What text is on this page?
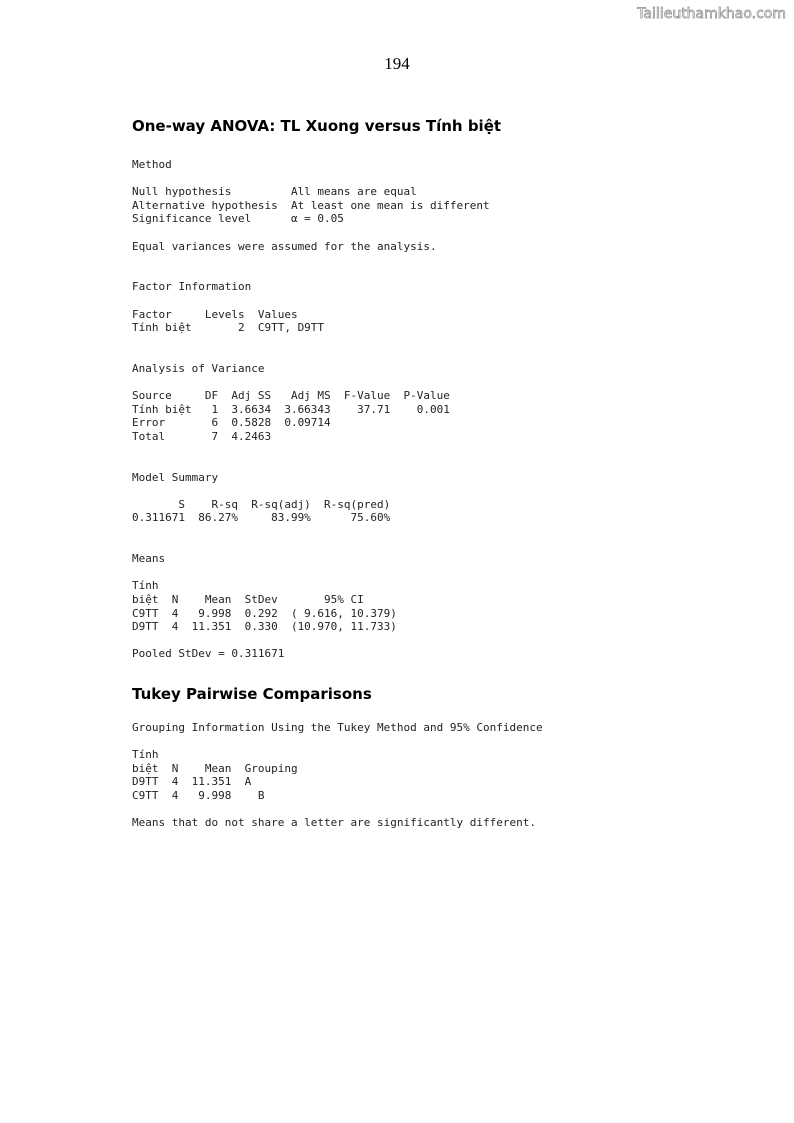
Tailieuthamkhao.com
194
One-way ANOVA: TL Xuong versus Tính biệt
Method
Null hypothesis         All means are equal
Alternative hypothesis  At least one mean is different
Significance level      α = 0.05
Equal variances were assumed for the analysis.
Factor Information
Factor     Levels  Values
Tính biệt       2  C9TT, D9TT
Analysis of Variance
Source     DF  Adj SS   Adj MS  F-Value  P-Value
Tính biệt   1  3.6634  3.66343    37.71    0.001
Error       6  0.5828  0.09714
Total       7  4.2463
Model Summary
S    R-sq  R-sq(adj)  R-sq(pred)
0.311671  86.27%     83.99%      75.60%
Means
Tính
biệt  N    Mean  StDev       95% CI
C9TT  4   9.998  0.292  ( 9.616, 10.379)
D9TT  4  11.351  0.330  (10.970, 11.733)
Pooled StDev = 0.311671
Tukey Pairwise Comparisons
Grouping Information Using the Tukey Method and 95% Confidence
Tính
biệt  N    Mean  Grouping
D9TT  4  11.351  A
C9TT  4   9.998    B
Means that do not share a letter are significantly different.
